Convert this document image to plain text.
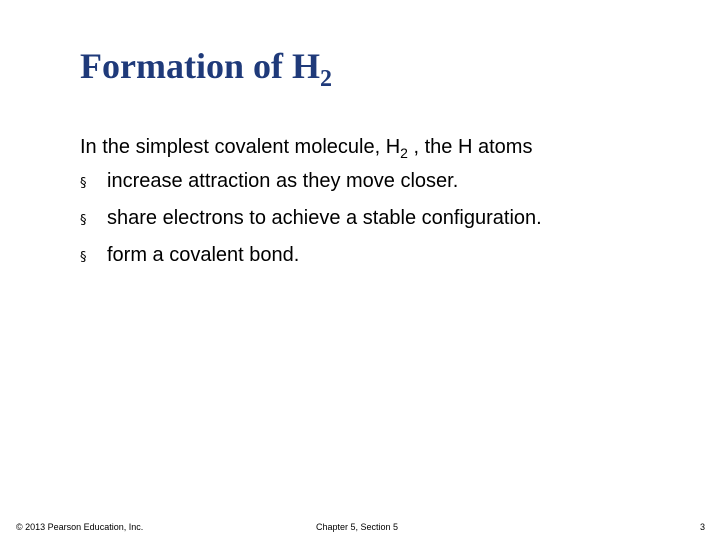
Formation of $H_2$
In the simplest covalent molecule, $H_2$ , the H atoms
§	increase attraction as they move closer.
§	share electrons to achieve a stable configuration.
§	form a covalent bond.
© 2013 Pearson Education, Inc.	Chapter 5, Section 5	3
